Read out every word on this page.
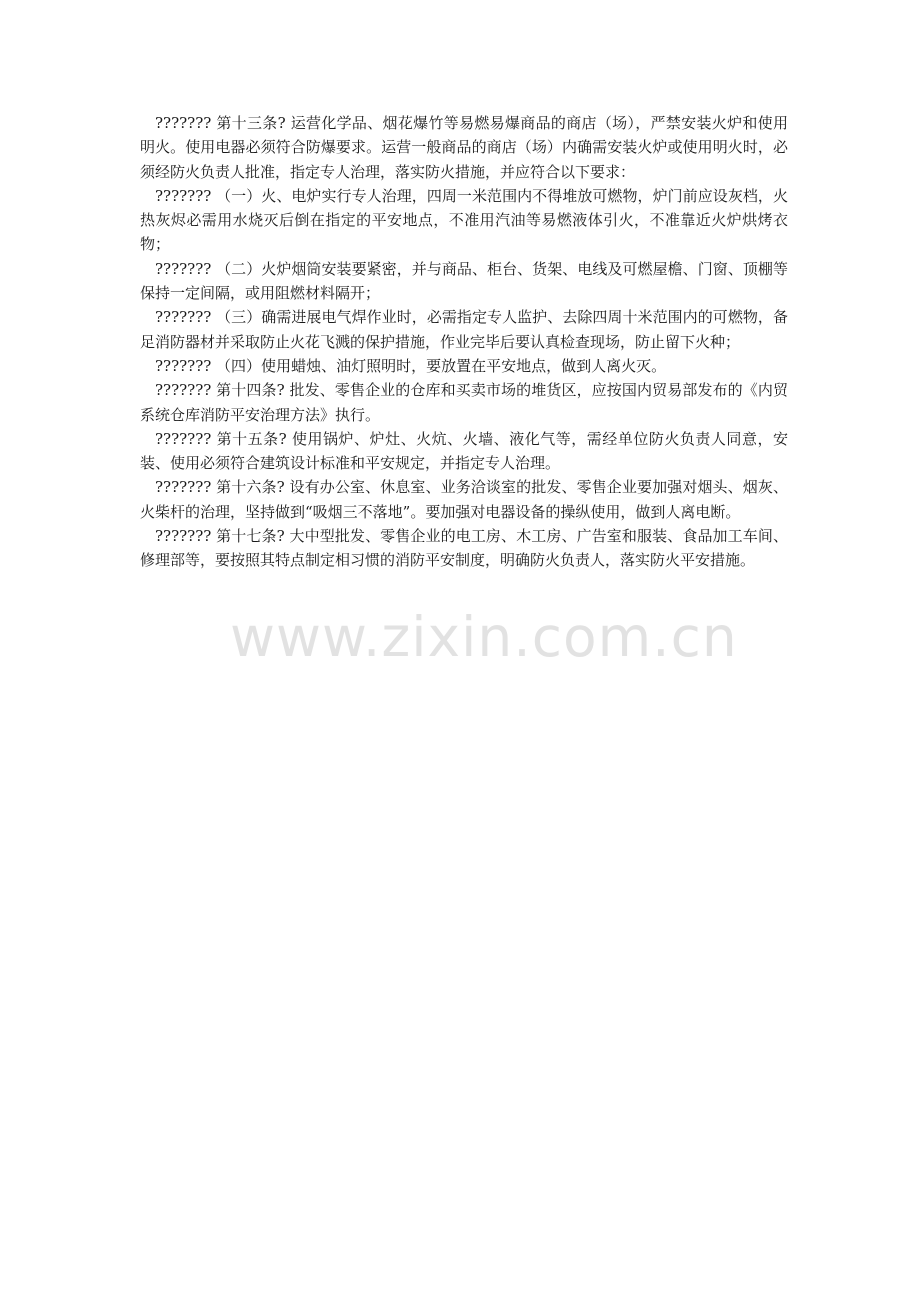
??????? 第十三条? 运营化学品、烟花爆竹等易燃易爆商品的商店（场），严禁安装火炉和使用明火。使用电器必须符合防爆要求。运营一般商品的商店（场）内确需安装火炉或使用明火时，必须经防火负责人批准，指定专人治理，落实防火措施，并应符合以下要求：

??????? （一）火、电炉实行专人治理，四周一米范围内不得堆放可燃物，炉门前应设灰档，火热灰烬必需用水烧灭后倒在指定的平安地点，不准用汽油等易燃液体引火，不准靠近火炉烘烤衣物；

??????? （二）火炉烟筒安装要紧密，并与商品、柜台、货架、电线及可燃屋檐、门窗、顶棚等保持一定间隔，或用阻燃材料隔开；

??????? （三）确需进展电气焊作业时，必需指定专人监护、去除四周十米范围内的可燃物，备足消防器材并采取防止火花飞溅的保护措施，作业完毕后要认真检查现场，防止留下火种；

??????? （四）使用蜡烛、油灯照明时，要放置在平安地点，做到人离火灭。

??????? 第十四条? 批发、零售企业的仓库和买卖市场的堆货区，应按国内贸易部发布的《内贸系统仓库消防平安治理方法》执行。

??????? 第十五条? 使用锅炉、炉灶、火炕、火墙、液化气等，需经单位防火负责人同意，安装、使用必须符合建筑设计标准和平安规定，并指定专人治理。

??????? 第十六条? 设有办公室、休息室、业务洽谈室的批发、零售企业要加强对烟头、烟灰、火柴杆的治理，坚持做到“吸烟三不落地”。要加强对电器设备的操纵使用，做到人离电断。

??????? 第十七条? 大中型批发、零售企业的电工房、木工房、广告室和服装、食品加工车间、修理部等，要按照其特点制定相习惯的消防平安制度，明确防火负责人，落实防火平安措施。

www.zixin.com.cn
